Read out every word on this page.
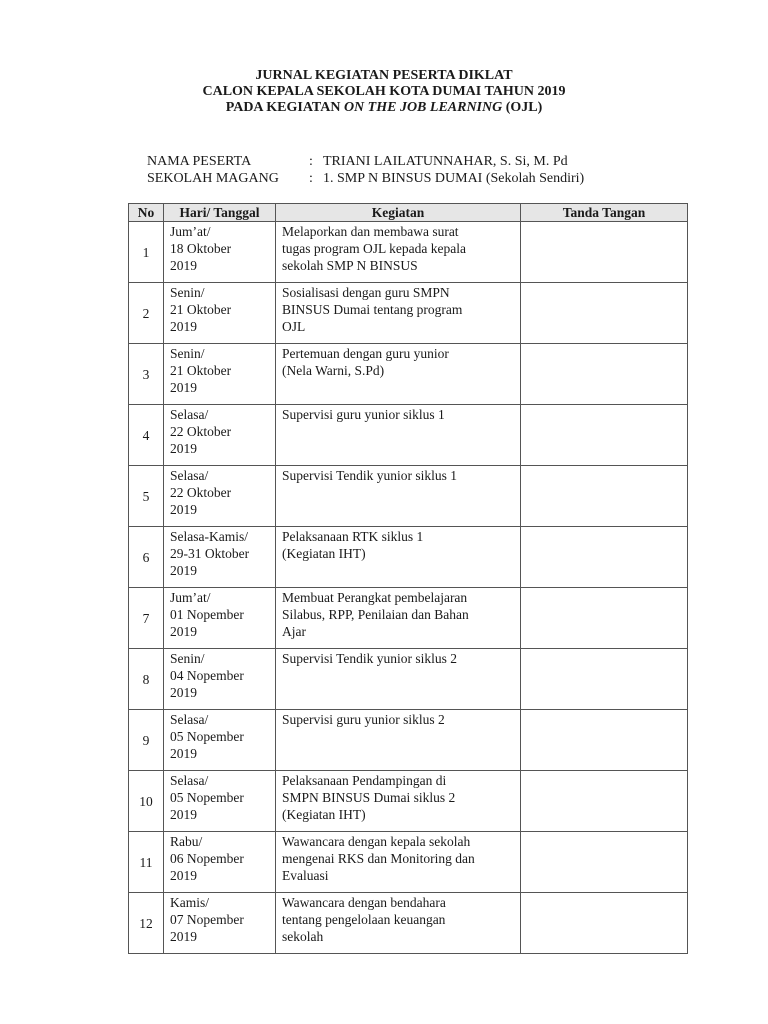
JURNAL KEGIATAN PESERTA DIKLAT
CALON KEPALA SEKOLAH KOTA DUMAI TAHUN 2019
PADA KEGIATAN ON THE JOB LEARNING (OJL)
NAMA PESERTA	: TRIANI LAILATUNNAHAR, S. Si, M. Pd
SEKOLAH MAGANG	: 1. SMP N BINSUS DUMAI (Sekolah Sendiri)
No	Hari/ Tanggal	Kegiatan	Tanda Tangan
1	Jum’at/
18 Oktober
2019	Melaporkan dan membawa surat
tugas program OJL kepada kepala
sekolah SMP N BINSUS	

2	Senin/
21 Oktober
2019	Sosialisasi dengan guru SMPN
BINSUS Dumai tentang program
OJL	

3	Senin/
21 Oktober
2019	Pertemuan dengan guru yunior
(Nela Warni, S.Pd)	

4	Selasa/
22 Oktober
2019	Supervisi guru yunior siklus 1	

5	Selasa/
22 Oktober
2019	Supervisi Tendik yunior siklus 1	

6	Selasa-Kamis/
29-31 Oktober
2019	Pelaksanaan RTK siklus 1
(Kegiatan IHT)	

7	Jum’at/
01 Nopember
2019	Membuat Perangkat pembelajaran
Silabus, RPP, Penilaian dan Bahan
Ajar	

8	Senin/
04 Nopember
2019	Supervisi Tendik yunior siklus 2	

9	Selasa/
05 Nopember
2019	Supervisi guru yunior siklus 2	

10	Selasa/
05 Nopember
2019	Pelaksanaan Pendampingan di
SMPN BINSUS Dumai siklus 2
(Kegiatan IHT)	

11	Rabu/
06 Nopember
2019	Wawancara dengan kepala sekolah
mengenai RKS dan Monitoring dan
Evaluasi	

12	Kamis/
07 Nopember
2019	Wawancara dengan bendahara
tentang pengelolaan keuangan
sekolah	
